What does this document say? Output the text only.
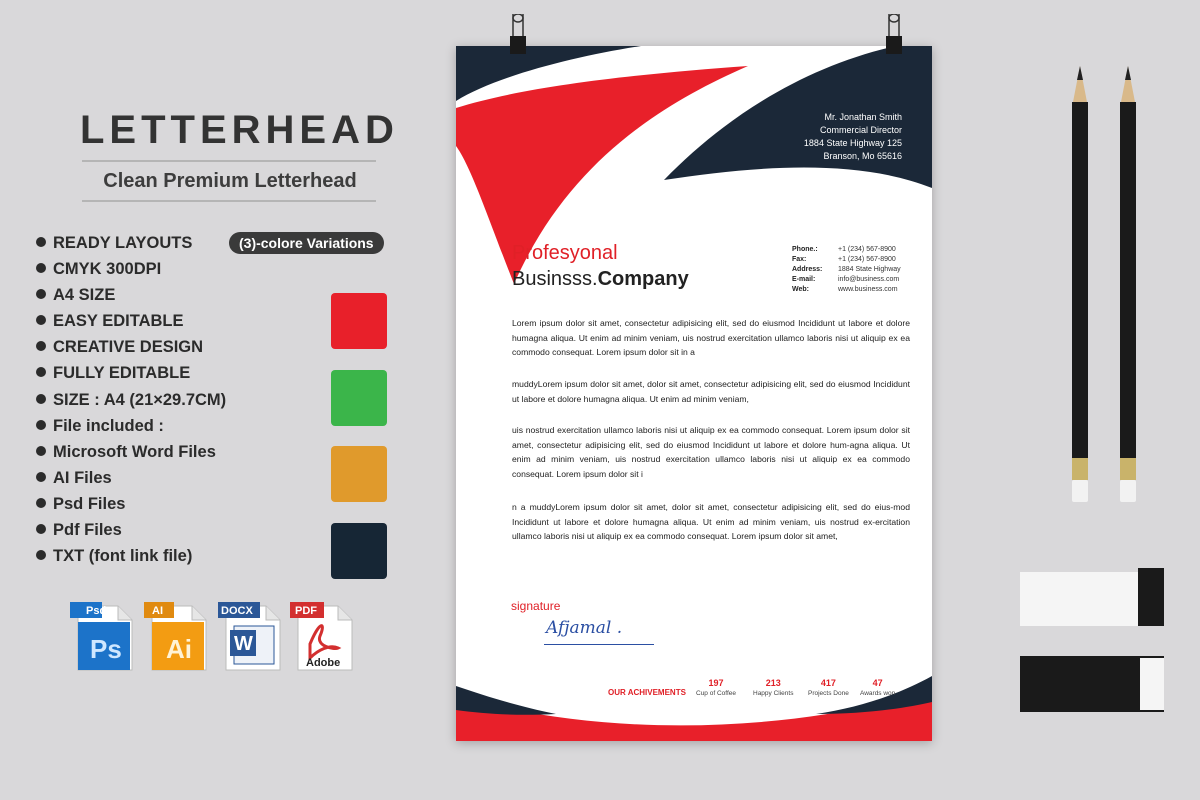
LETTERHEAD
Clean Premium Letterhead
READY LAYOUTS
CMYK 300DPI
A4 SIZE
EASY EDITABLE
CREATIVE DESIGN
FULLY EDITABLE
SIZE : A4 (21×29.7CM)
File included :
Microsoft Word Files
AI Files
Psd Files
Pdf Files
TXT (font link file)
(3)-colore Variations
Psd
Ps
AI
Ai
DOCX
W
PDF
Adobe
Mr. Jonathan Smith
Commercial Director
1884 State Highway 125
Branson, Mo 65616
Profesyonal
Businsss.Company
Phone.:	+1 (234) 567-8900
Fax:	+1 (234) 567-8900
Address: 1884 State Highway
E-mail:	info@business.com
Web:	www.business.com
Lorem ipsum dolor sit amet, consectetur adipisicing elit, sed do eiusmod Incididunt ut labore et dolore humagna aliqua. Ut enim ad minim veniam, uis nostrud exercitation ullamco laboris nisi ut aliquip ex ea commodo consequat. Lorem ipsum dolor sit in a
muddyLorem ipsum dolor sit amet, dolor sit amet, consectetur adipisicing elit, sed do eiusmod Incididunt ut labore et dolore humagna aliqua. Ut enim ad minim veniam,
uis nostrud exercitation ullamco laboris nisi ut aliquip ex ea commodo consequat. Lorem ipsum dolor sit amet, consectetur adipisicing elit, sed do eiusmod Incididunt ut labore et dolore hum-agna aliqua. Ut enim ad minim veniam, uis nostrud exercitation ullamco laboris nisi ut aliquip ex ea commodo consequat. Lorem ipsum dolor sit i
n a muddyLorem ipsum dolor sit amet, dolor sit amet, consectetur adipisicing elit, sed do eius-mod Incididunt ut labore et dolore humagna aliqua. Ut enim ad minim veniam, uis nostrud ex-ercitation ullamco laboris nisi ut aliquip ex ea commodo consequat. Lorem ipsum dolor sit amet,
signature
Afjamal .
OUR ACHIVEMENTS
197
Cup of Coffee
213
Happy Clients
417
Projects Done
47
Awards won
